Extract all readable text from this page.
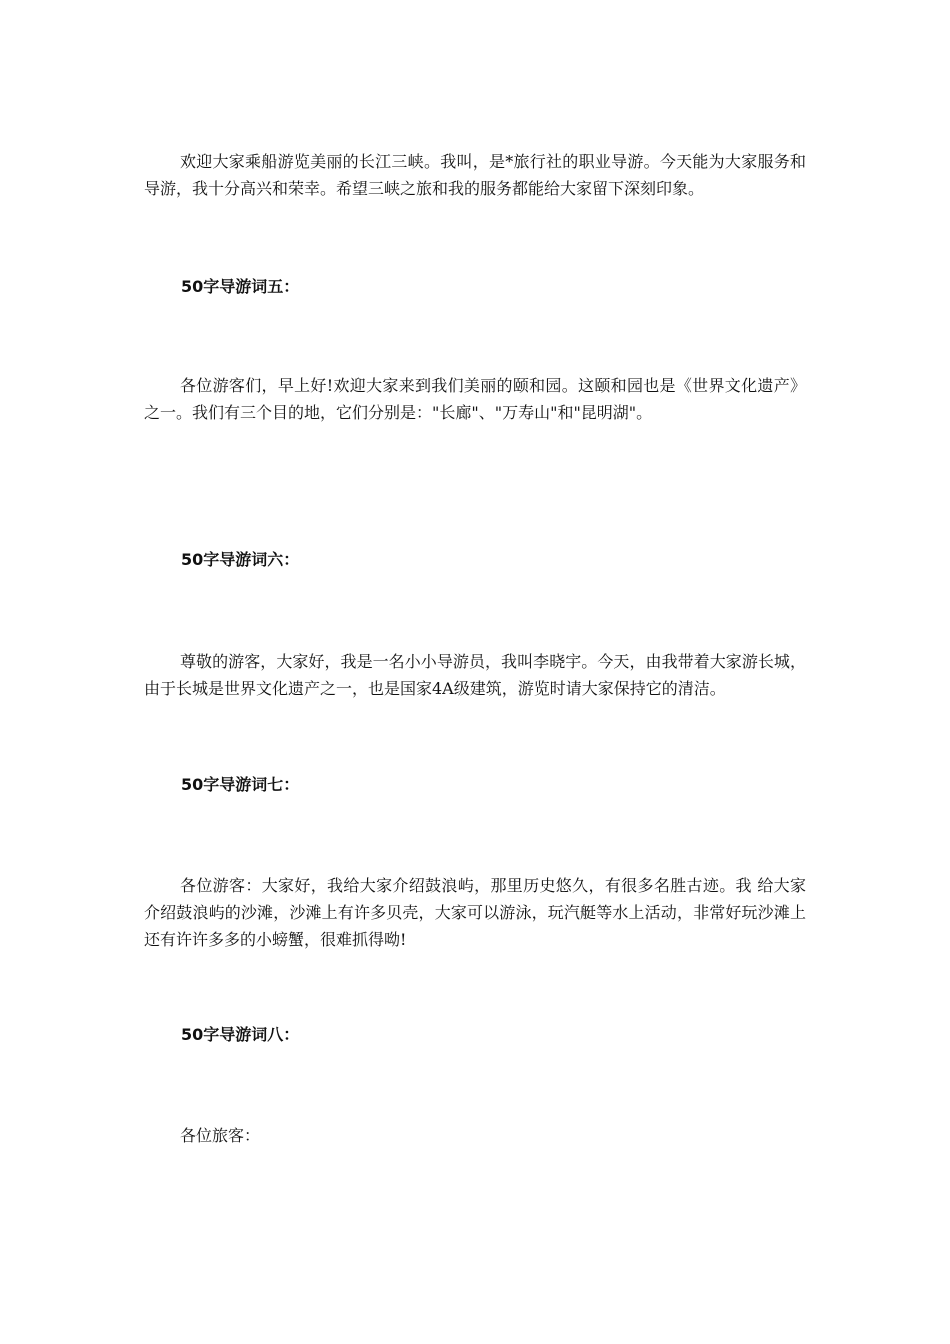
欢迎大家乘船游览美丽的长江三峡。我叫，是*旅行社的职业导游。今天能为大家服务和导游，我十分高兴和荣幸。希望三峡之旅和我的服务都能给大家留下深刻印象。

50字导游词五：

各位游客们，早上好!欢迎大家来到我们美丽的颐和园。这颐和园也是《世界文化遗产》之一。我们有三个目的地，它们分别是："长廊"、"万寿山"和"昆明湖"。

50字导游词六：

尊敬的游客，大家好，我是一名小小导游员，我叫李晓宇。今天，由我带着大家游长城，由于长城是世界文化遗产之一，也是国家4A级建筑，游览时请大家保持它的清洁。

50字导游词七：

各位游客：大家好，我给大家介绍鼓浪屿，那里历史悠久，有很多名胜古迹。我 给大家介绍鼓浪屿的沙滩，沙滩上有许多贝壳，大家可以游泳，玩汽艇等水上活动，非常好玩沙滩上还有许许多多的小螃蟹，很难抓得呦!

50字导游词八：

各位旅客：
